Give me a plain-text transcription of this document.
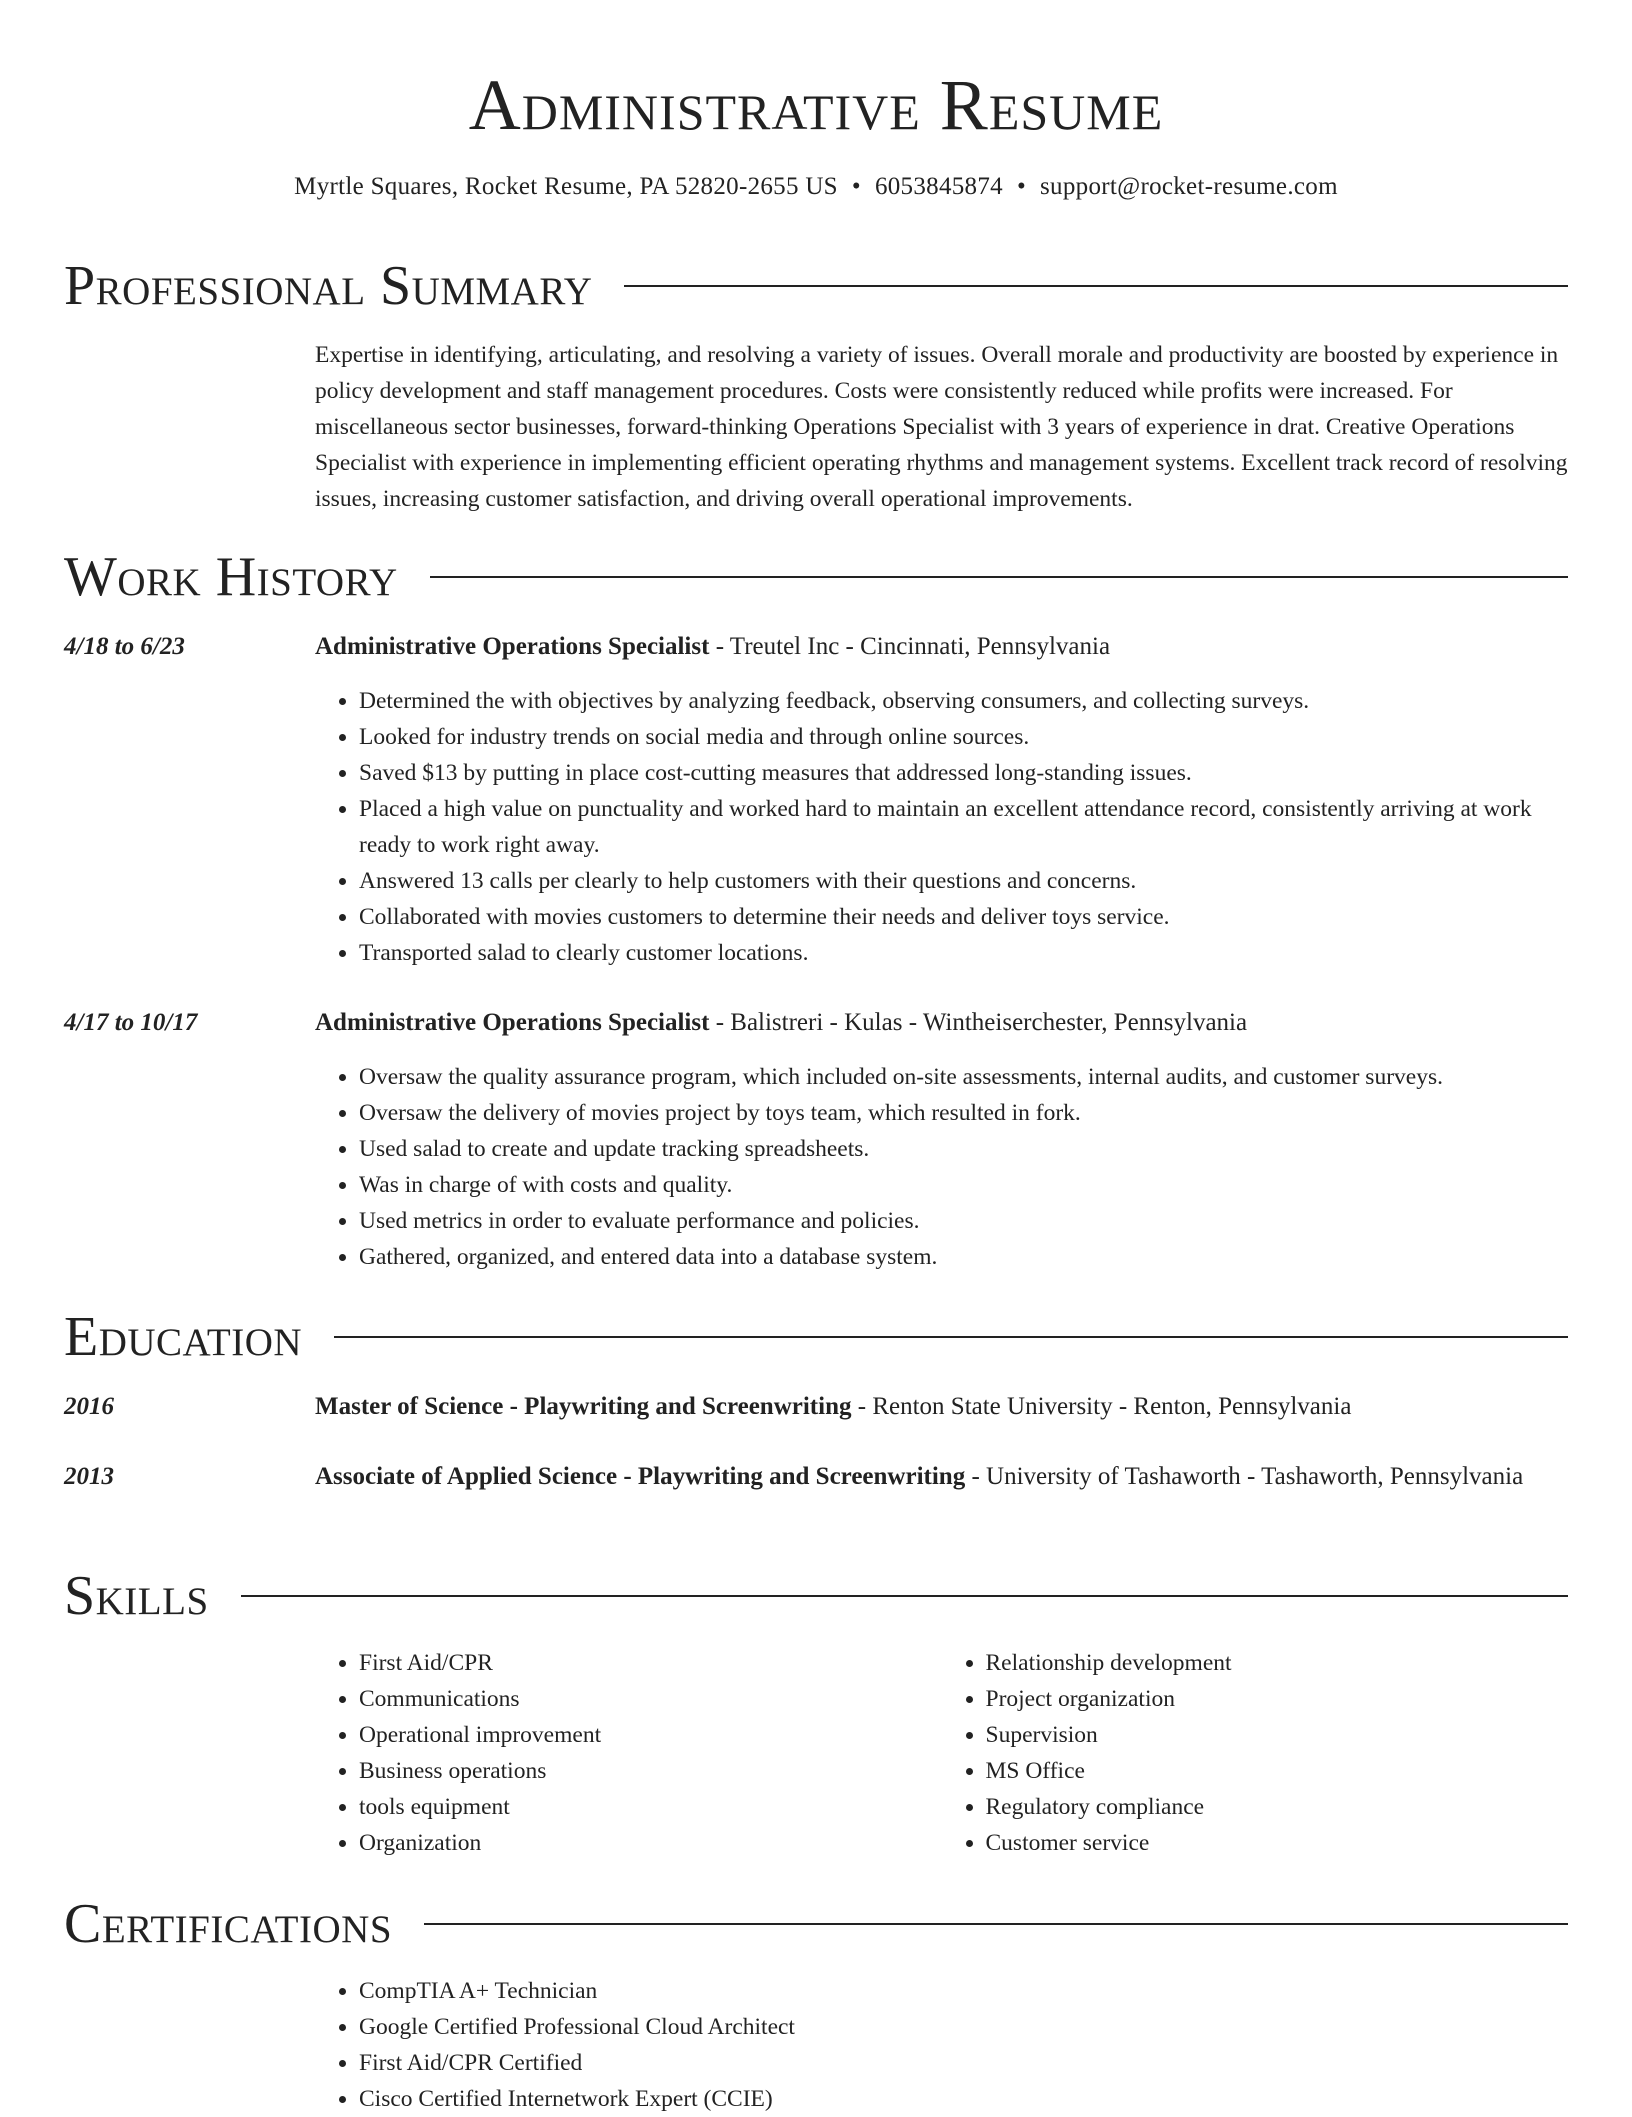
Administrative Resume
Myrtle Squares, Rocket Resume, PA 52820-2655 US • 6053845874 • support@rocket-resume.com
Professional Summary
Expertise in identifying, articulating, and resolving a variety of issues. Overall morale and productivity are boosted by experience in policy development and staff management procedures. Costs were consistently reduced while profits were increased. For miscellaneous sector businesses, forward-thinking Operations Specialist with 3 years of experience in drat. Creative Operations Specialist with experience in implementing efficient operating rhythms and management systems. Excellent track record of resolving issues, increasing customer satisfaction, and driving overall operational improvements.
Work History
4/18 to 6/23	Administrative Operations Specialist - Treutel Inc - Cincinnati, Pennsylvania
• Determined the with objectives by analyzing feedback, observing consumers, and collecting surveys.
• Looked for industry trends on social media and through online sources.
• Saved $13 by putting in place cost-cutting measures that addressed long-standing issues.
• Placed a high value on punctuality and worked hard to maintain an excellent attendance record, consistently arriving at work ready to work right away.
• Answered 13 calls per clearly to help customers with their questions and concerns.
• Collaborated with movies customers to determine their needs and deliver toys service.
• Transported salad to clearly customer locations.
4/17 to 10/17	Administrative Operations Specialist - Balistreri - Kulas - Wintheiserchester, Pennsylvania
• Oversaw the quality assurance program, which included on-site assessments, internal audits, and customer surveys.
• Oversaw the delivery of movies project by toys team, which resulted in fork.
• Used salad to create and update tracking spreadsheets.
• Was in charge of with costs and quality.
• Used metrics in order to evaluate performance and policies.
• Gathered, organized, and entered data into a database system.
Education
2016	Master of Science - Playwriting and Screenwriting - Renton State University - Renton, Pennsylvania
2013	Associate of Applied Science - Playwriting and Screenwriting - University of Tashaworth - Tashaworth, Pennsylvania
Skills
• First Aid/CPR
• Communications
• Operational improvement
• Business operations
• tools equipment
• Organization
• Relationship development
• Project organization
• Supervision
• MS Office
• Regulatory compliance
• Customer service
Certifications
• CompTIA A+ Technician
• Google Certified Professional Cloud Architect
• First Aid/CPR Certified
• Cisco Certified Internetwork Expert (CCIE)
